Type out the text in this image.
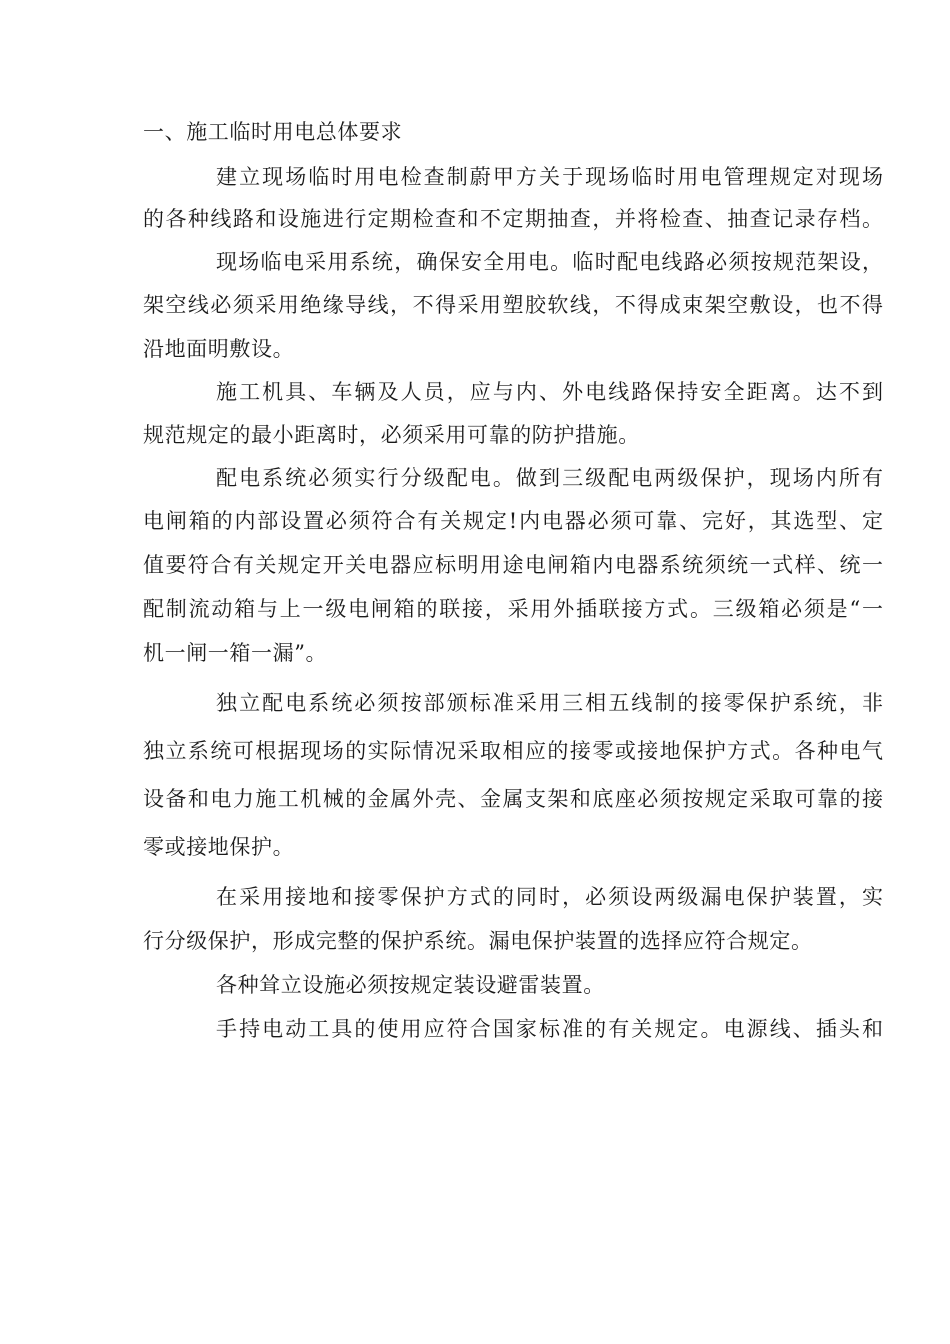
一、施工临时用电总体要求
建立现场临时用电检查制蔚甲方关于现场临时用电管理规定对现场
的各种线路和设施进行定期检查和不定期抽查，并将检查、抽查记录存档。
现场临电采用系统，确保安全用电。临时配电线路必须按规范架设，
架空线必须采用绝缘导线，不得采用塑胶软线，不得成束架空敷设，也不得
沿地面明敷设。
施工机具、车辆及人员，应与内、外电线路保持安全距离。达不到
规范规定的最小距离时，必须采用可靠的防护措施。
配电系统必须实行分级配电。做到三级配电两级保护，现场内所有
电闸箱的内部设置必须符合有关规定!内电器必须可靠、完好，其选型、定
值要符合有关规定开关电器应标明用途电闸箱内电器系统须统一式样、统一
配制流动箱与上一级电闸箱的联接，采用外插联接方式。三级箱必须是“一
机一闸一箱一漏”。
独立配电系统必须按部颁标准采用三相五线制的接零保护系统，非
独立系统可根据现场的实际情况采取相应的接零或接地保护方式。各种电气
设备和电力施工机械的金属外壳、金属支架和底座必须按规定采取可靠的接
零或接地保护。
在采用接地和接零保护方式的同时，必须设两级漏电保护装置，实
行分级保护，形成完整的保护系统。漏电保护装置的选择应符合规定。
各种耸立设施必须按规定装设避雷装置。
手持电动工具的使用应符合国家标准的有关规定。电源线、插头和
